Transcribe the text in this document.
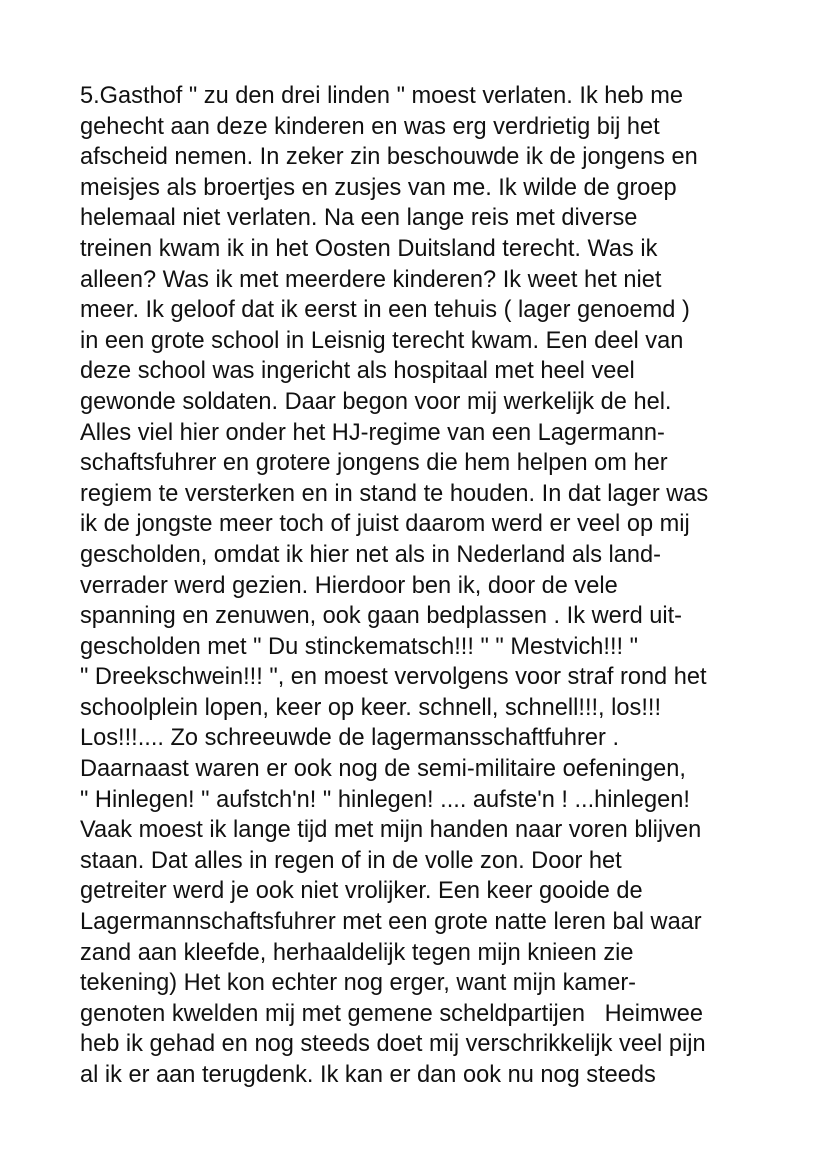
5.Gasthof " zu den drei linden " moest verlaten. Ik heb me
gehecht aan deze kinderen en was erg verdrietig bij het
afscheid nemen. In zeker zin beschouwde ik de jongens en
meisjes als broertjes en zusjes van me. Ik wilde de groep
helemaal niet verlaten. Na een lange reis met diverse
treinen kwam ik in het Oosten Duitsland terecht. Was ik
alleen? Was ik met meerdere kinderen? Ik weet het niet
meer. Ik geloof dat ik eerst in een tehuis ( lager genoemd )
in een grote school in Leisnig terecht kwam. Een deel van
deze school was ingericht als hospitaal met heel veel
gewonde soldaten. Daar begon voor mij werkelijk de hel.
Alles viel hier onder het HJ-regime van een Lagermann-
schaftsfuhrer en grotere jongens die hem helpen om her
regiem te versterken en in stand te houden. In dat lager was
ik de jongste meer toch of juist daarom werd er veel op mij
gescholden, omdat ik hier net als in Nederland als land-
verrader werd gezien. Hierdoor ben ik, door de vele
spanning en zenuwen, ook gaan bedplassen . Ik werd uit-
gescholden met " Du stinckematsch!!! " " Mestvich!!! "
" Dreekschwein!!! ", en moest vervolgens voor straf rond het
schoolplein lopen, keer op keer. schnell, schnell!!!, los!!!
Los!!!.... Zo schreeuwde de lagermansschaftfuhrer .
Daarnaast waren er ook nog de semi-militaire oefeningen,
" Hinlegen! " aufstch'n! " hinlegen! .... aufste'n ! ...hinlegen!
Vaak moest ik lange tijd met mijn handen naar voren blijven
staan. Dat alles in regen of in de volle zon. Door het
getreiter werd je ook niet vrolijker. Een keer gooide de
Lagermannschaftsfuhrer met een grote natte leren bal waar
zand aan kleefde, herhaaldelijk tegen mijn knieen zie
tekening) Het kon echter nog erger, want mijn kamer-
genoten kwelden mij met gemene scheldpartijen   Heimwee
heb ik gehad en nog steeds doet mij verschrikkelijk veel pijn
al ik er aan terugdenk. Ik kan er dan ook nu nog steeds
